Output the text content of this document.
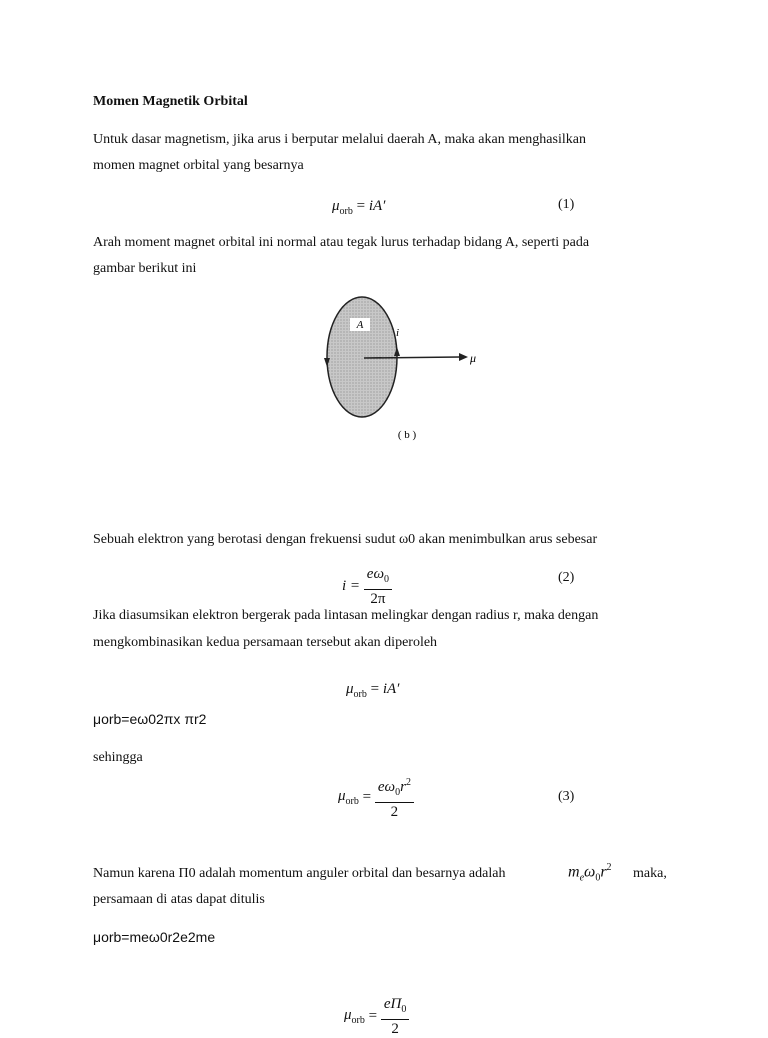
Momen Magnetik Orbital
Untuk dasar magnetism, jika arus i berputar melalui daerah A, maka akan menghasilkan
momen magnet orbital yang besarnya
$\mu_{orb} = iA'$	(1)
Arah moment magnet orbital ini normal atau tegak lurus terhadap bidang A, seperti pada
gambar berikut ini
A
i
μ
( b )
Sebuah elektron yang berotasi dengan frekuensi sudut ω0 akan menimbulkan arus sebesar
$i = \frac{e\omega_0}{2\pi}$	(2)
Jika diasumsikan elektron bergerak pada lintasan melingkar dengan radius r, maka dengan
mengkombinasikan kedua persamaan tersebut akan diperoleh
$\mu_{orb} = iA'$
μorb=eω02πx πr2
sehingga
$\mu_{orb} = \frac{e\omega_0r^2}{2}$	(3)
Namun karena Π0 adalah momentum anguler orbital dan besarnya adalah	$m_e\omega_0r^2$ maka,
persamaan di atas dapat ditulis
μorb=meω0r2e2me
$\mu_{orb} = \frac{e\Pi_0}{2}$
